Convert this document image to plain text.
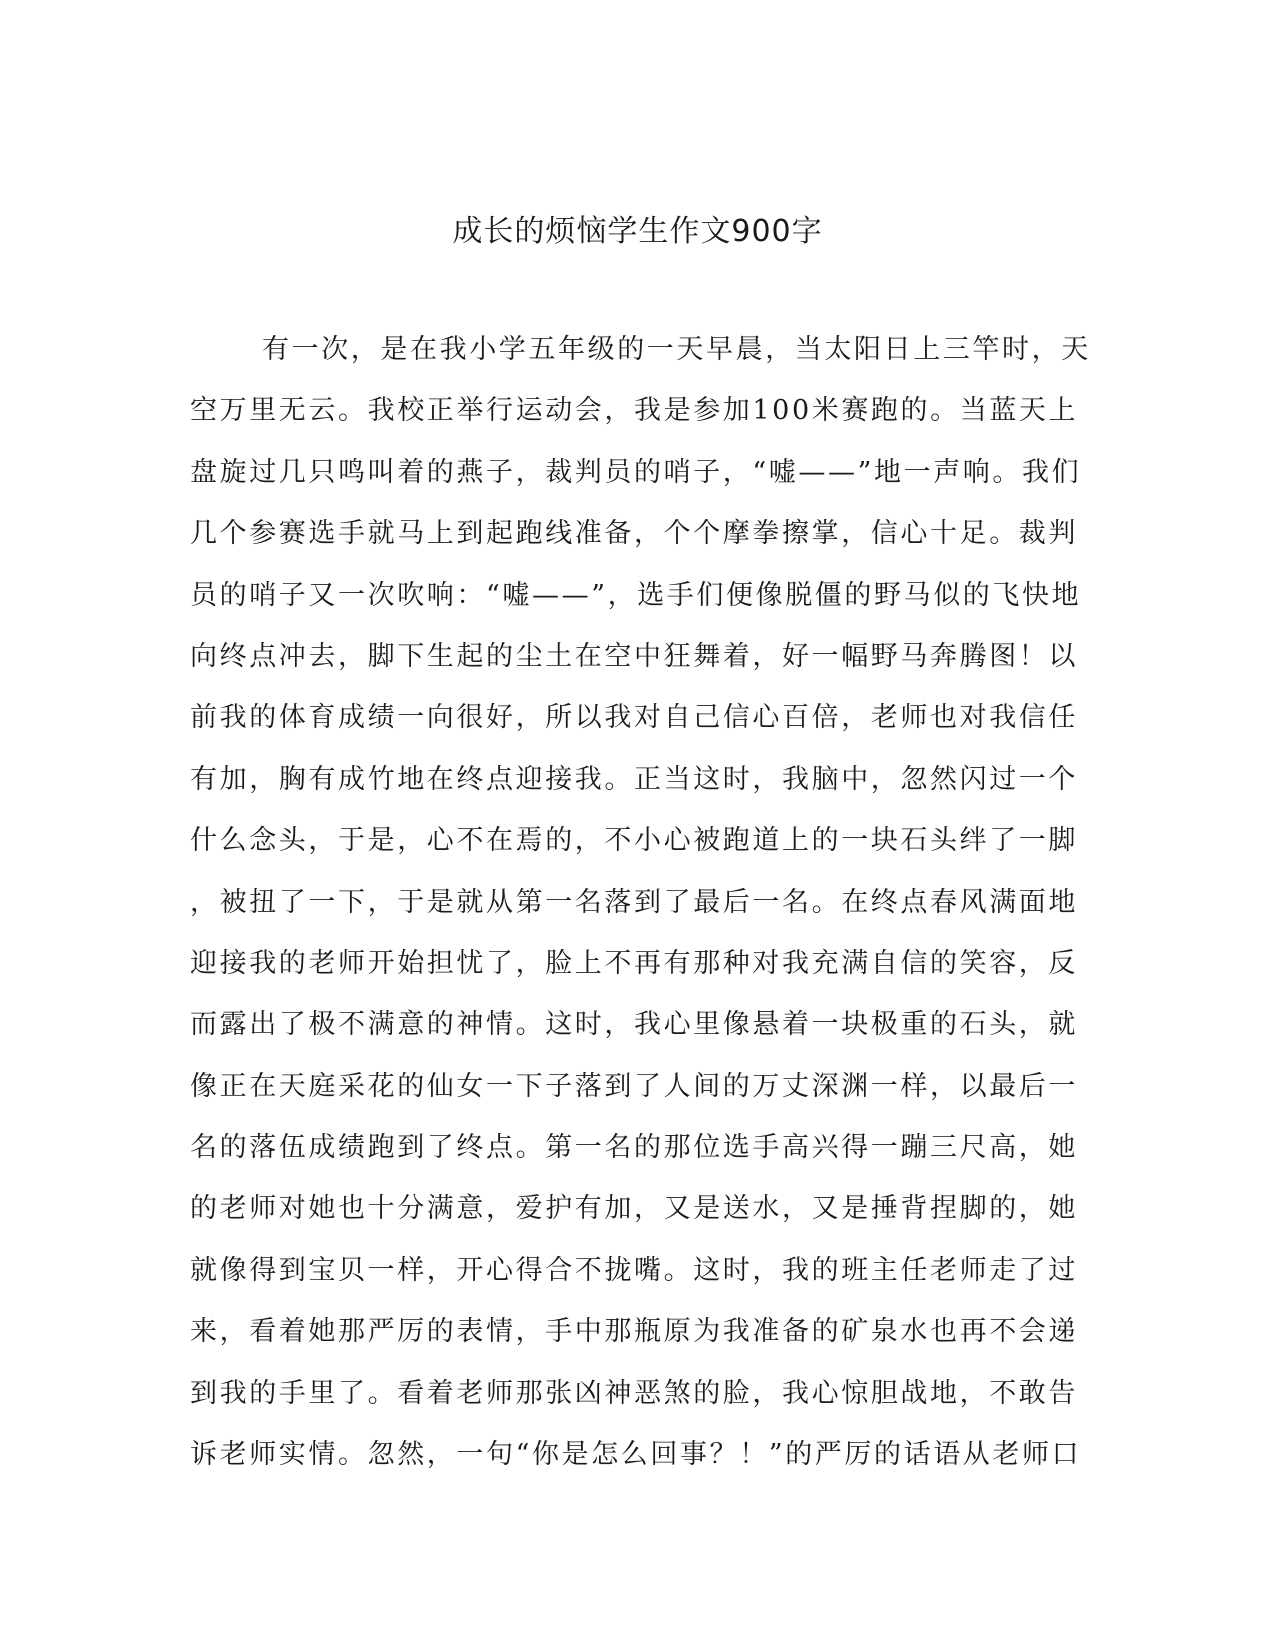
成长的烦恼学生作文900字
有一次，是在我小学五年级的一天早晨，当太阳日上三竿时，天
空万里无云。我校正举行运动会，我是参加100米赛跑的。当蓝天上
盘旋过几只鸣叫着的燕子，裁判员的哨子，“嘘——”地一声响。我们
几个参赛选手就马上到起跑线准备，个个摩拳擦掌，信心十足。裁判
员的哨子又一次吹响：“嘘——”，选手们便像脱僵的野马似的飞快地
向终点冲去，脚下生起的尘土在空中狂舞着，好一幅野马奔腾图！以
前我的体育成绩一向很好，所以我对自己信心百倍，老师也对我信任
有加，胸有成竹地在终点迎接我。正当这时，我脑中，忽然闪过一个
什么念头，于是，心不在焉的，不小心被跑道上的一块石头绊了一脚
，被扭了一下，于是就从第一名落到了最后一名。在终点春风满面地
迎接我的老师开始担忧了，脸上不再有那种对我充满自信的笑容，反
而露出了极不满意的神情。这时，我心里像悬着一块极重的石头，就
像正在天庭采花的仙女一下子落到了人间的万丈深渊一样，以最后一
名的落伍成绩跑到了终点。第一名的那位选手高兴得一蹦三尺高，她
的老师对她也十分满意，爱护有加，又是送水，又是捶背捏脚的，她
就像得到宝贝一样，开心得合不拢嘴。这时，我的班主任老师走了过
来，看着她那严厉的表情，手中那瓶原为我准备的矿泉水也再不会递
到我的手里了。看着老师那张凶神恶煞的脸，我心惊胆战地，不敢告
诉老师实情。忽然，一句“你是怎么回事？！”的严厉的话语从老师口
